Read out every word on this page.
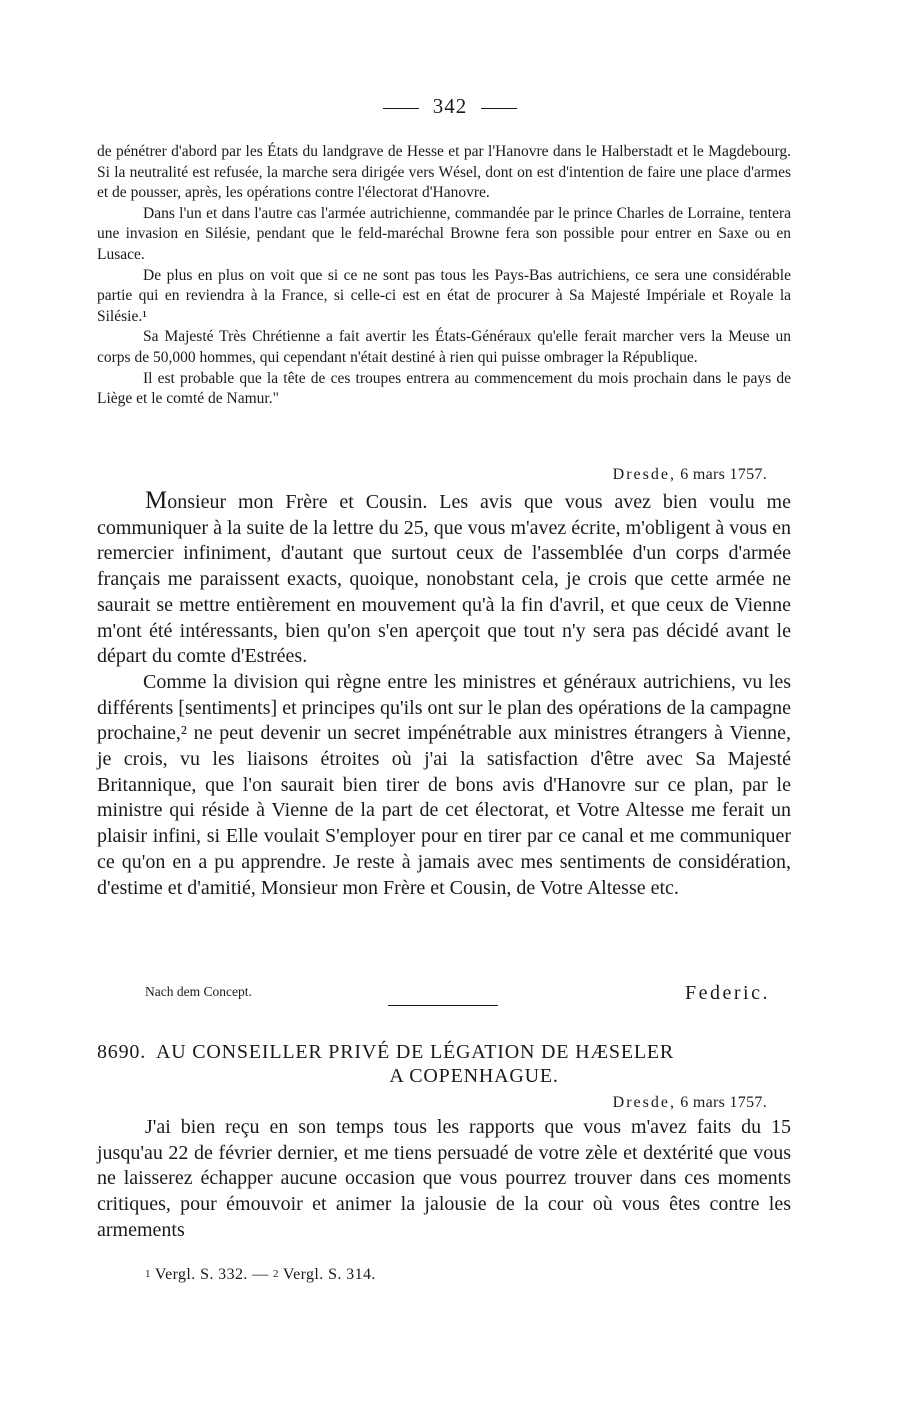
342

de pénétrer d'abord par les États du landgrave de Hesse et par l'Hanovre dans le Halberstadt et le Magdebourg. Si la neutralité est refusée, la marche sera dirigée vers Wésel, dont on est d'intention de faire une place d'armes et de pousser, après, les opérations contre l'électorat d'Hanovre.

Dans l'un et dans l'autre cas l'armée autrichienne, commandée par le prince Charles de Lorraine, tentera une invasion en Silésie, pendant que le feld-maréchal Browne fera son possible pour entrer en Saxe ou en Lusace.

De plus en plus on voit que si ce ne sont pas tous les Pays-Bas autrichiens, ce sera une considérable partie qui en reviendra à la France, si celle-ci est en état de procurer à Sa Majesté Impériale et Royale la Silésie.¹

Sa Majesté Très Chrétienne a fait avertir les États-Généraux qu'elle ferait marcher vers la Meuse un corps de 50,000 hommes, qui cependant n'était destiné à rien qui puisse ombrager la République.

Il est probable que la tête de ces troupes entrera au commencement du mois prochain dans le pays de Liège et le comté de Namur."

Dresde, 6 mars 1757.

Monsieur mon Frère et Cousin. Les avis que vous avez bien voulu me communiquer à la suite de la lettre du 25, que vous m'avez écrite, m'obligent à vous en remercier infiniment, d'autant que surtout ceux de l'assemblée d'un corps d'armée français me paraissent exacts, quoique, nonobstant cela, je crois que cette armée ne saurait se mettre entièrement en mouvement qu'à la fin d'avril, et que ceux de Vienne m'ont été intéressants, bien qu'on s'en aperçoit que tout n'y sera pas décidé avant le départ du comte d'Estrées.

Comme la division qui règne entre les ministres et généraux autrichiens, vu les différents [sentiments] et principes qu'ils ont sur le plan des opérations de la campagne prochaine,² ne peut devenir un secret impénétrable aux ministres étrangers à Vienne, je crois, vu les liaisons étroites où j'ai la satisfaction d'être avec Sa Majesté Britannique, que l'on saurait bien tirer de bons avis d'Hanovre sur ce plan, par le ministre qui réside à Vienne de la part de cet électorat, et Votre Altesse me ferait un plaisir infini, si Elle voulait S'employer pour en tirer par ce canal et me communiquer ce qu'on en a pu apprendre. Je reste à jamais avec mes sentiments de considération, d'estime et d'amitié, Monsieur mon Frère et Cousin, de Votre Altesse etc.

Nach dem Concept.	Federic.
8690. AU CONSEILLER PRIVÉ DE LÉGATION DE HÆSELER
A COPENHAGUE.
Dresde, 6 mars 1757.

J'ai bien reçu en son temps tous les rapports que vous m'avez faits du 15 jusqu'au 22 de février dernier, et me tiens persuadé de votre zèle et dextérité que vous ne laisserez échapper aucune occasion que vous pourrez trouver dans ces moments critiques, pour émouvoir et animer la jalousie de la cour où vous êtes contre les armements

1 Vergl. S. 332. — 2 Vergl. S. 314.
